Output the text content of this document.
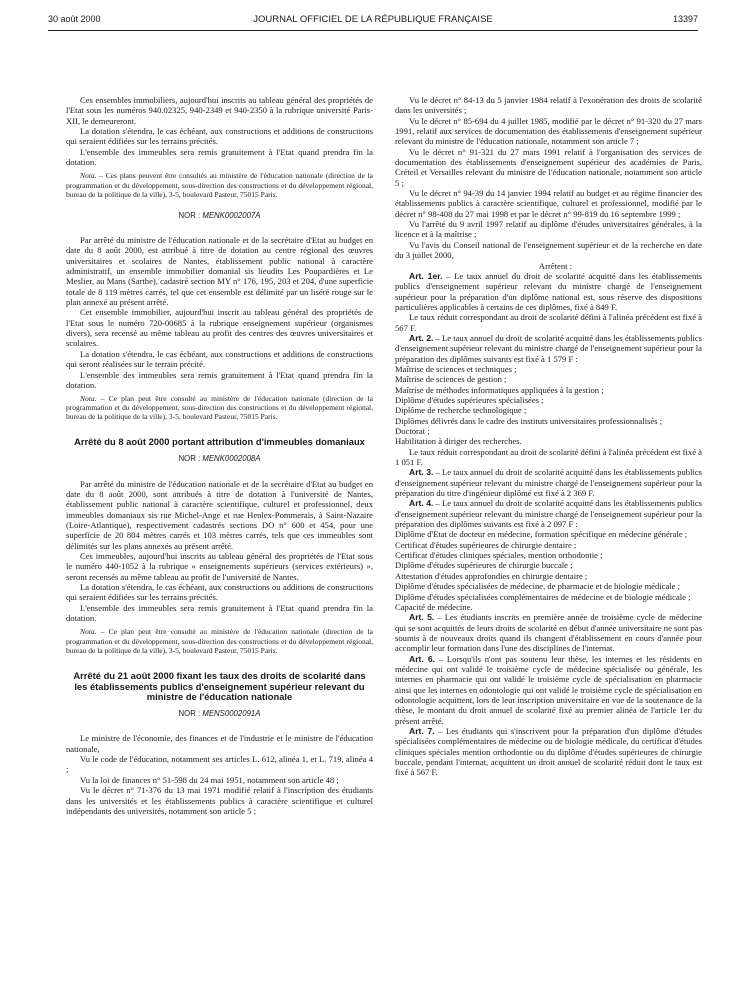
30 août 2000	JOURNAL OFFICIEL DE LA RÉPUBLIQUE FRANÇAISE	13397

Ces ensembles immobiliers, aujourd'hui inscrits au tableau général des propriétés de l'Etat sous les numéros 940.02325, 940-2349 et 940-2350 à la rubrique université Paris-XII, le demeureront.

La dotation s'étendra, le cas échéant, aux constructions et additions de constructions qui seraient édifiées sur les terrains précités.

L'ensemble des immeubles sera remis gratuitement à l'Etat quand prendra fin la dotation.

Nota. – Ces plans peuvent être consultés au ministère de l'éducation nationale (direction de la programmation et du développement, sous-direction des constructions et du développement régional, bureau de la politique de la ville), 3-5, boulevard Pasteur, 75015 Paris.

NOR : MENK0002007A

Par arrêté du ministre de l'éducation nationale et de la secrétaire d'Etat au budget en date du 8 août 2000, est attribué à titre de dotation au centre régional des œuvres universitaires et scolaires de Nantes, établissement public national à caractère administratif, un ensemble immobilier domanial sis lieudits Les Poupardières et Le Meslier, au Mans (Sarthe), cadastré section MY n° 176, 195, 203 et 204, d'une superficie totale de 8 119 mètres carrés, tel que cet ensemble est délimité par un liséré rouge sur le plan annexé au présent arrêté.

Cet ensemble immobilier, aujourd'hui inscrit au tableau général des propriétés de l'Etat sous le numéro 720-00685 à la rubrique enseignement supérieur (organismes divers), sera recensé au même tableau au profit des centres des œuvres universitaires et scolaires.

La dotation s'étendra, le cas échéant, aux constructions et additions de constructions qui seront réalisées sur le terrain précité.

L'ensemble des immeubles sera remis gratuitement à l'Etat quand prendra fin la dotation.

Nota. – Ce plan peut être consulté au ministère de l'éducation nationale (direction de la programmation et du développement, sous-direction des constructions et du développement régional, bureau de la politique de la ville), 3-5, boulevard Pasteur, 75015 Paris.

Arrêté du 8 août 2000 portant attribution d'immeubles domaniaux
NOR : MENK0002008A

Par arrêté du ministre de l'éducation nationale et de la secrétaire d'Etat au budget en date du 8 août 2000, sont attribués à titre de dotation à l'université de Nantes, établissement public national à caractère scientifique, culturel et professionnel, deux immeubles domaniaux sis rue Michel-Ange et rue Henlex-Pommerais, à Saint-Nazaire (Loire-Atlantique), respectivement cadastrés sections DO n° 600 et 454, pour une superficie de 20 804 mètres carrés et 103 mètres carrés, tels que ces immeubles sont délimités sur les plans annexés au présent arrêté.

Ces immeubles, aujourd'hui inscrits au tableau général des propriétés de l'Etat sous le numéro 440-1052 à la rubrique « enseignements supérieurs (services extérieurs) », seront recensés au même tableau au profit de l'université de Nantes.

La dotation s'étendra, le cas échéant, aux constructions ou additions de constructions qui seraient édifiées sur les terrains précités.

L'ensemble des immeubles sera remis gratuitement à l'Etat quand prendra fin la dotation.

Nota. – Ce plan peut être consulté au ministère de l'éducation nationale (direction de la programmation et du développement, sous-direction des constructions et du développement régional, bureau de la politique de la ville), 3-5, boulevard Pasteur, 75015 Paris.

Arrêté du 21 août 2000 fixant les taux des droits de scolarité dans les établissements publics d'enseignement supérieur relevant du ministre de l'éducation nationale
NOR : MENS0002091A

Le ministre de l'économie, des finances et de l'industrie et le ministre de l'éducation nationale,

Vu le code de l'éducation, notamment ses articles L. 612, alinéa 1, et L. 719, alinéa 4 ;

Vu la loi de finances n° 51-598 du 24 mai 1951, notamment son article 48 ;

Vu le décret n° 71-376 du 13 mai 1971 modifié relatif à l'inscription des étudiants dans les universités et les établissements publics à caractère scientifique et culturel indépendants des universités, notamment son article 5 ;

Vu le décret n° 84-13 du 5 janvier 1984 relatif à l'exonération des droits de scolarité dans les universités ;

Vu le décret n° 85-694 du 4 juillet 1985, modifié par le décret n° 91-320 du 27 mars 1991, relatif aux services de documentation des établissements d'enseignement supérieur relevant du ministre de l'éducation nationale, notamment son article 7 ;

Vu le décret n° 91-321 du 27 mars 1991 relatif à l'organisation des services de documentation des établissements d'enseignement supérieur des académies de Paris, Créteil et Versailles relevant du ministre de l'éducation nationale, notamment son article 5 ;

Vu le décret n° 94-39 du 14 janvier 1994 relatif au budget et au régime financier des établissements publics à caractère scientifique, culturel et professionnel, modifié par le décret n° 98-408 du 27 mai 1998 et par le décret n° 99-819 du 16 septembre 1999 ;

Vu l'arrêté du 9 avril 1997 relatif au diplôme d'études universitaires générales, à la licence et à la maîtrise ;

Vu l'avis du Conseil national de l'enseignement supérieur et de la recherche en date du 3 juillet 2000,

Arrêtent :

Art. 1er. – Le taux annuel du droit de scolarité acquitté dans les établissements publics d'enseignement supérieur relevant du ministre chargé de l'enseignement supérieur pour la préparation d'un diplôme national est, sous réserve des dispositions particulières applicables à certains de ces diplômes, fixé à 849 F.

Le taux réduit correspondant au droit de scolarité défini à l'alinéa précédent est fixé à 567 F.

Art. 2. – Le taux annuel du droit de scolarité acquitté dans les établissements publics d'enseignement supérieur relevant du ministre chargé de l'enseignement supérieur pour la préparation des diplômes suivants est fixé à 1 579 F :

Maîtrise de sciences et techniques ;

Maîtrise de sciences de gestion ;

Maîtrise de méthodes informatiques appliquées à la gestion ;

Diplôme d'études supérieures spécialisées ;

Diplôme de recherche technologique ;

Diplômes délivrés dans le cadre des instituts universitaires professionnalisés ;

Doctorat ;

Habilitation à diriger des recherches.

Le taux réduit correspondant au droit de scolarité défini à l'alinéa précédent est fixé à 1 051 F.

Art. 3. – Le taux annuel du droit de scolarité acquitté dans les établissements publics d'enseignement supérieur relevant du ministre chargé de l'enseignement supérieur pour la préparation du titre d'ingénieur diplômé est fixé à 2 369 F.

Art. 4. – Le taux annuel du droit de scolarité acquitté dans les établissements publics d'enseignement supérieur relevant du ministre chargé de l'enseignement supérieur pour la préparation des diplômes suivants est fixé à 2 097 F :

Diplôme d'Etat de docteur en médecine, formation spécifique en médecine générale ;

Certificat d'études supérieures de chirurgie dentaire ;

Certificat d'études cliniques spéciales, mention orthodontie ;

Diplôme d'études supérieures de chirurgie buccale ;

Attestation d'études approfondies en chirurgie dentaire ;

Diplôme d'études spécialisées de médecine, de pharmacie et de biologie médicale ;

Diplôme d'études spécialisées complémentaires de médecine et de biologie médicale ;

Capacité de médecine.

Art. 5. – Les étudiants inscrits en première année de troisième cycle de médecine qui se sont acquittés de leurs droits de scolarité en début d'année universitaire ne sont pas soumis à de nouveaux droits quand ils changent d'établissement en cours d'année pour accomplir leur formation dans l'une des disciplines de l'internat.

Art. 6. – Lorsqu'ils n'ont pas soutenu leur thèse, les internes et les résidents en médecine qui ont validé le troisième cycle de médecine spécialisée ou générale, les internes en pharmacie qui ont validé le troisième cycle de spécialisation en pharmacie ainsi que les internes en odontologie qui ont validé le troisième cycle de spécialisation en odontologie acquittent, lors de leur inscription universitaire en vue de la soutenance de la thèse, le montant du droit annuel de scolarité fixé au premier alinéa de l'article 1er du présent arrêté.

Art. 7. – Les étudiants qui s'inscrivent pour la préparation d'un diplôme d'études spécialisées complémentaires de médecine ou de biologie médicale, du certificat d'études cliniques spéciales mention orthodontie ou du diplôme d'études supérieures de chirurgie buccale, pendant l'internat, acquittent un droit annuel de scolarité réduit dont le taux est fixé à 567 F.
